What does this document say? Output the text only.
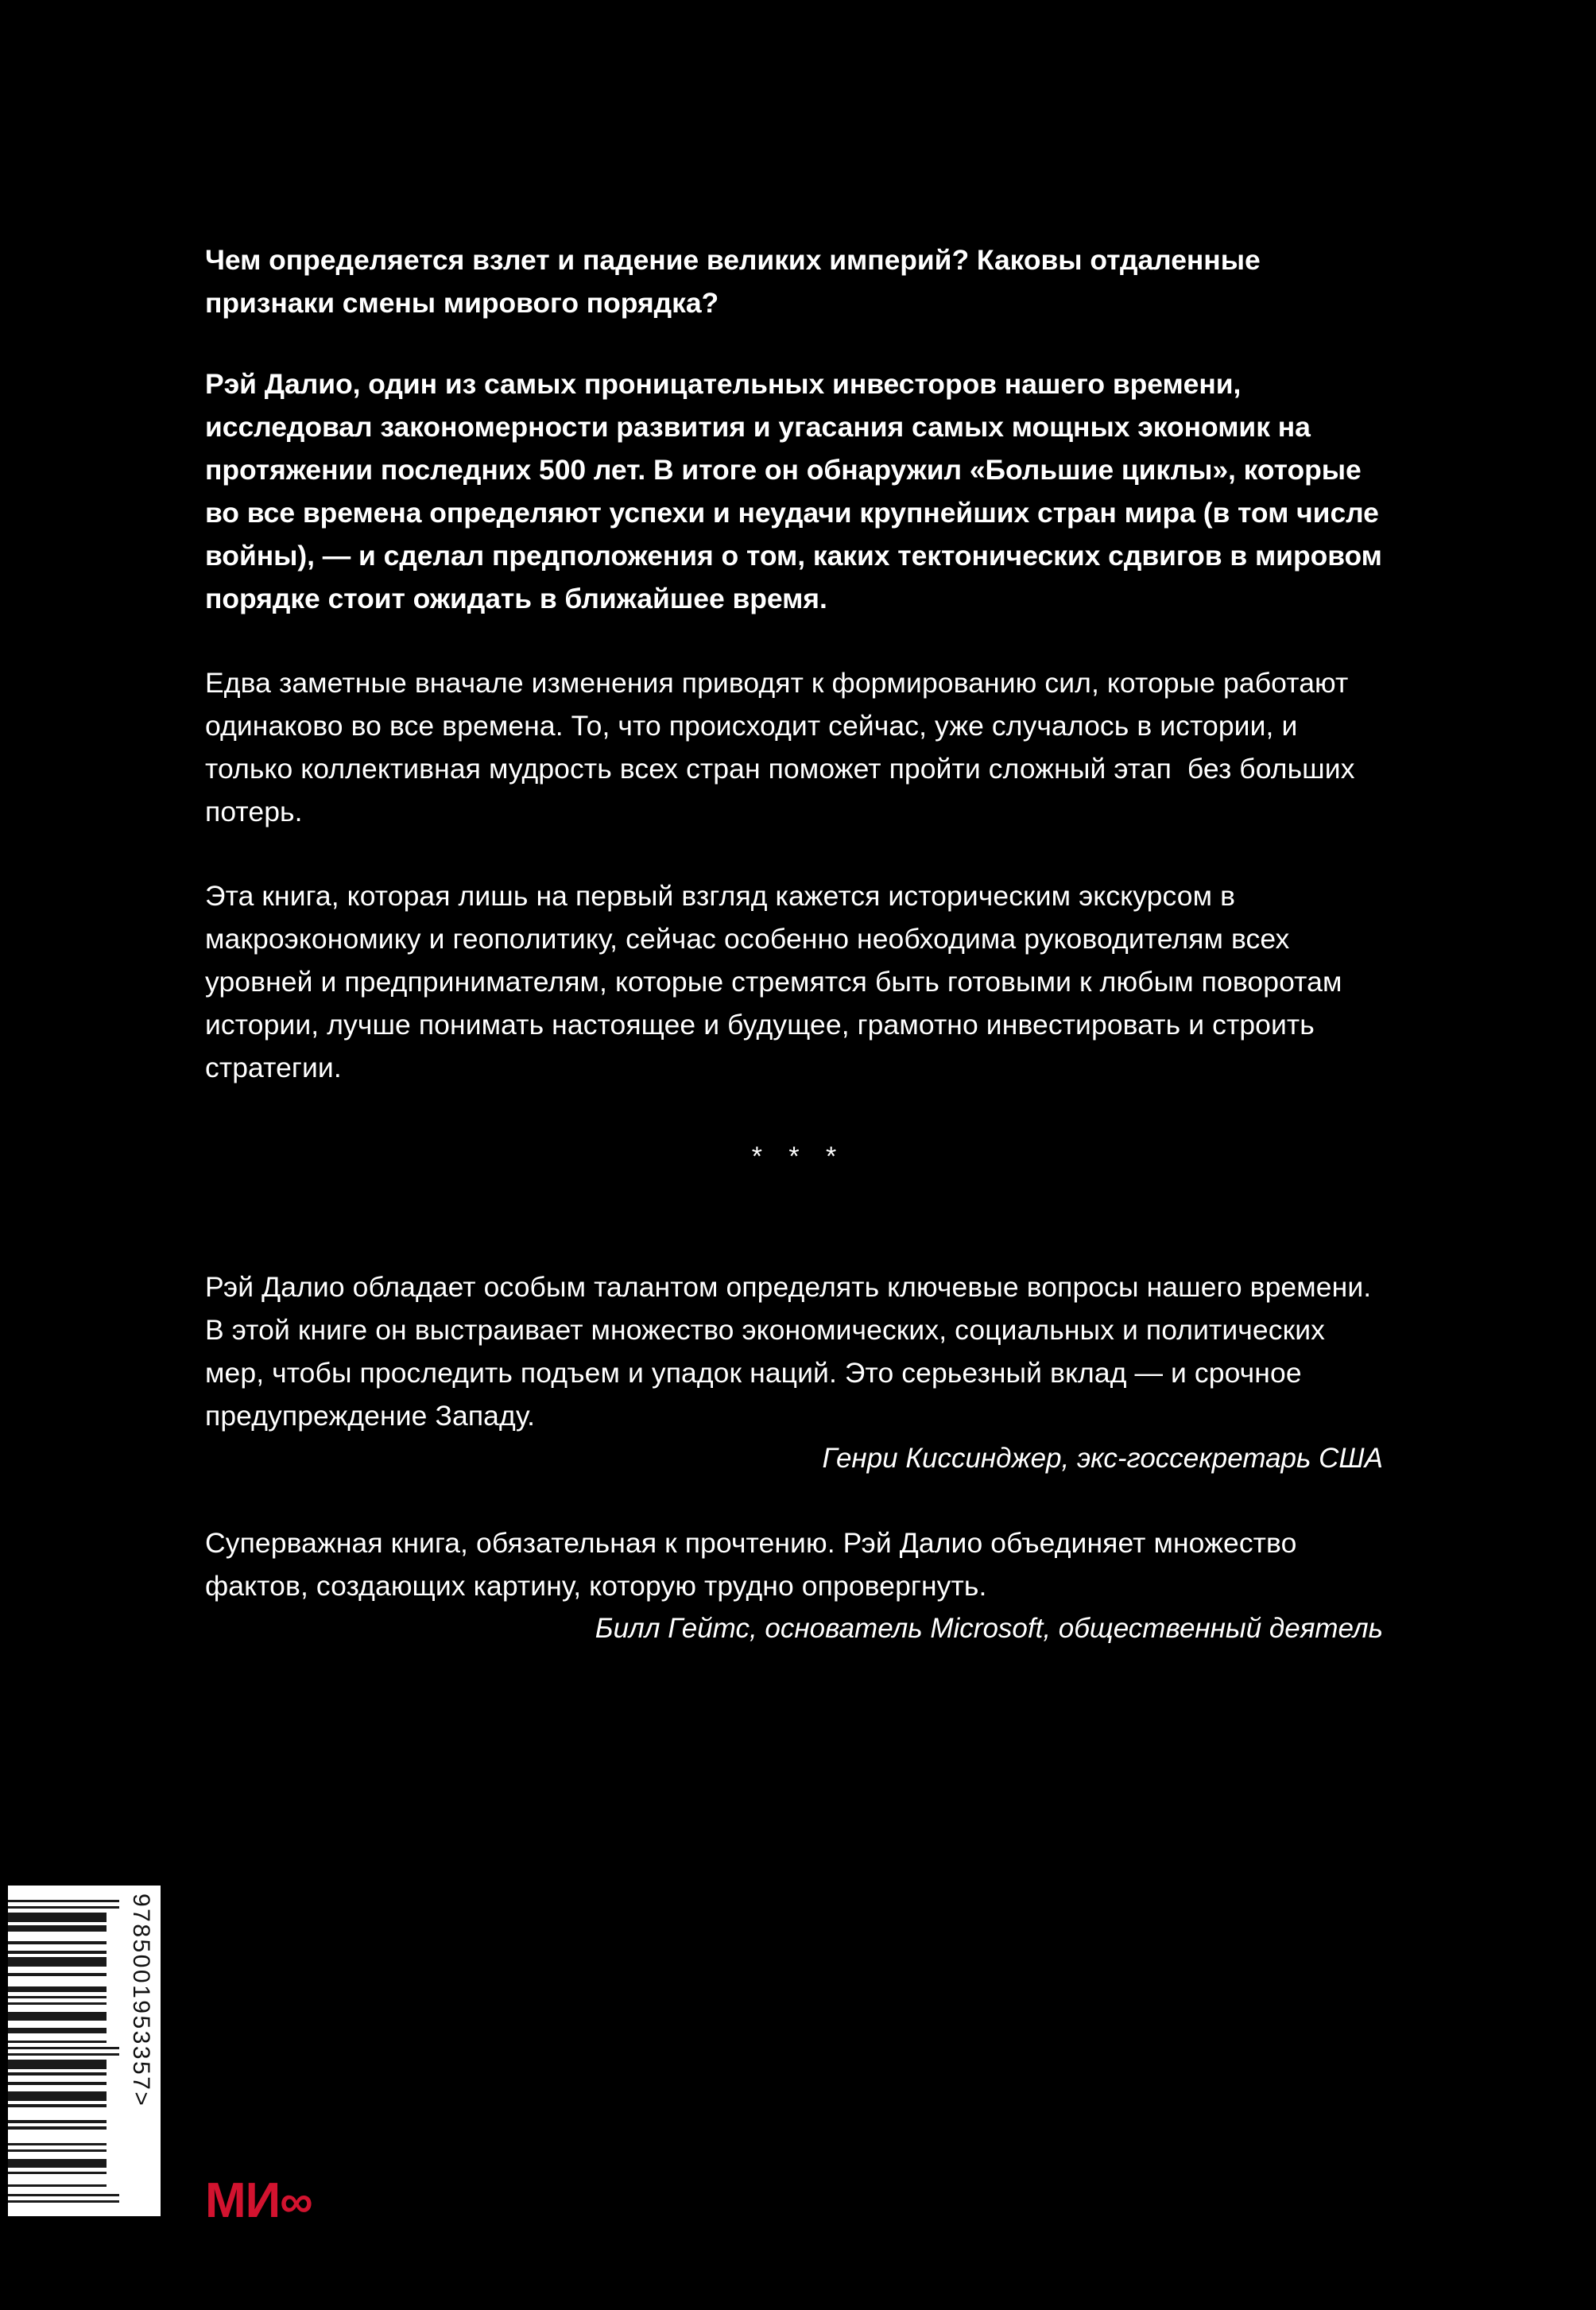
Чем определяется взлет и падение великих империй? Каковы отдаленные признаки смены мирового порядка?

Рэй Далио, один из самых проницательных инвесторов нашего времени, исследовал закономерности развития и угасания самых мощных экономик на протяжении последних 500 лет. В итоге он обнаружил «Большие циклы», которые во все времена определяют успехи и неудачи крупнейших стран мира (в том числе войны), — и сделал предположения о том, каких тектонических сдвигов в мировом порядке стоит ожидать в ближайшее время.

Едва заметные вначале изменения приводят к формированию сил, которые работают одинаково во все времена. То, что происходит сейчас, уже случалось в истории, и только коллективная мудрость всех стран поможет пройти сложный этап  без больших потерь.

Эта книга, которая лишь на первый взгляд кажется историческим экскурсом в макроэкономику и геополитику, сейчас особенно необходима руководителям всех уровней и предпринимателям, которые стремятся быть готовыми к любым поворотам истории, лучше понимать настоящее и будущее, грамотно инвестировать и строить стратегии.

* * *

Рэй Далио обладает особым талантом определять ключевые вопросы нашего времени. В этой книге он выстраивает множество экономических, социальных и политических мер, чтобы проследить подъем и упадок наций. Это серьезный вклад — и срочное предупреждение Западу.

Генри Киссинджер, экс-госсекретарь США

Суперважная книга, обязательная к прочтению. Рэй Далио объединяет множество фактов, создающих картину, которую трудно опровергнуть.

Билл Гейтс, основатель Microsoft, общественный деятель

9785001953357>
МИ∞
